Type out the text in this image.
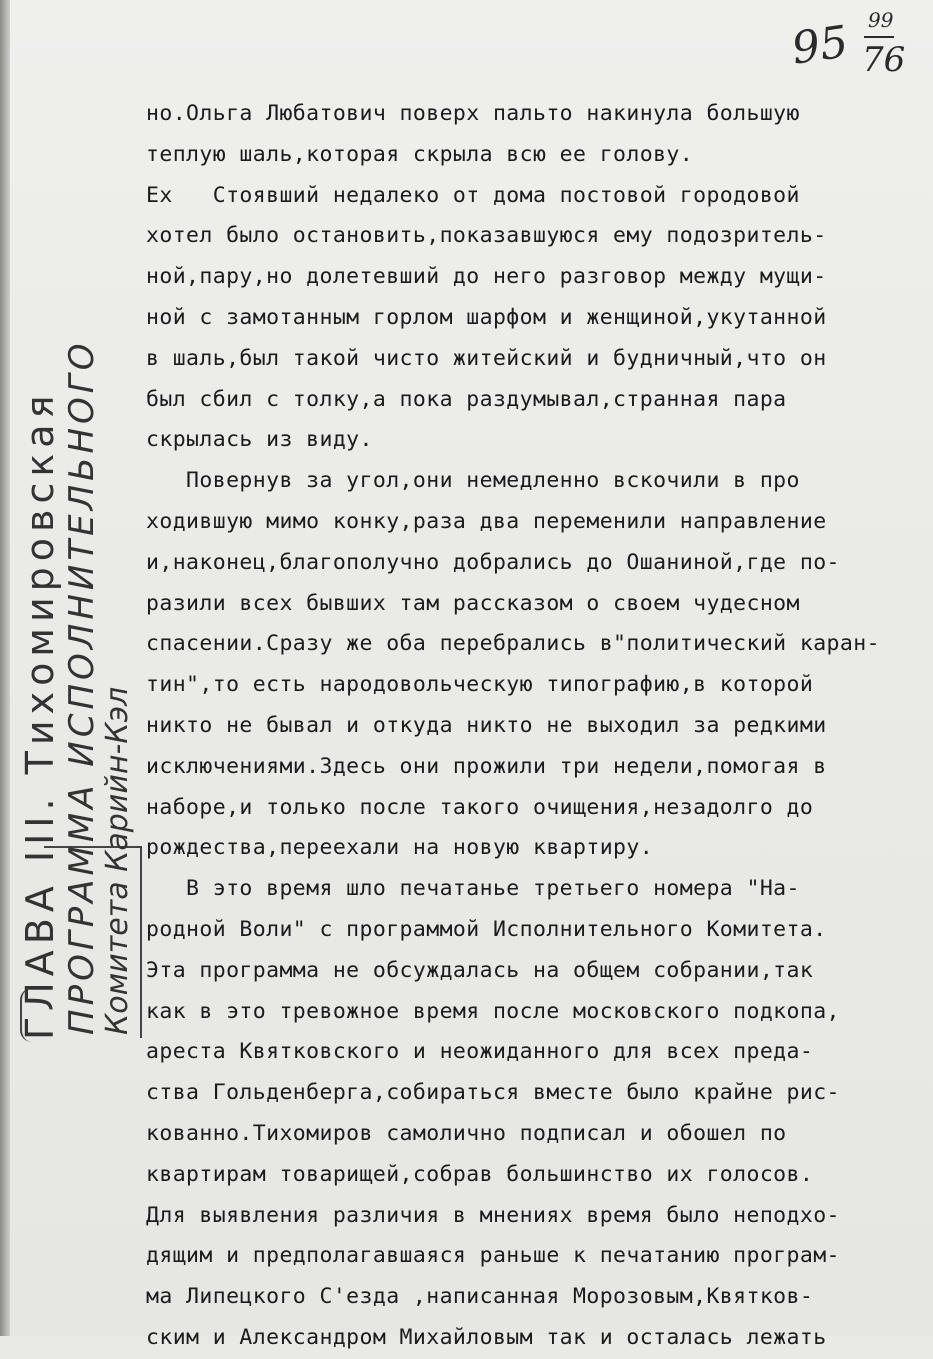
95 99
76
но.Ольга Любатович поверх пальто накинула большую
теплую шаль,которая скрыла всю ее голову.
Ех   Стоявший недалеко от дома постовой городовой
хотел было остановить,показавшуюся ему подозритель-
ной,пару,но долетевший до него разговор между мущи-
ной с замотанным горлом шарфом и женщиной,укутанной
в шаль,был такой чисто житейский и будничный,что он
был сбил с толку,а пока раздумывал,странная пара
скрылась из виду.
Повернув за угол,они немедленно вскочили в про
ходившую мимо конку,раза два переменили направление
и,наконец,благополучно добрались до Ошаниной,где по-
разили всех бывших там рассказом о своем чудесном
спасении.Сразу же оба перебрались в"политический каран-
тин",то есть народовольческую типографию,в которой
никто не бывал и откуда никто не выходил за редкими
исключениями.Здесь они прожили три недели,помогая в
наборе,и только после такого очищения,незадолго до
рождества,переехали на новую квартиру.
В это время шло печатанье третьего номера "На-
родной Воли" с программой Исполнительного Комитета.
Эта программа не обсуждалась на общем собрании,так
как в это тревожное время после московского подкопа,
ареста Квятковского и неожиданного для всех преда-
ства Гольденберга,собираться вместе было крайне рис-
кованно.Тихомиров самолично подписал и обошел по
квартирам товарищей,собрав большинство их голосов.
Для выявления различия в мнениях время было неподхо-
дящим и предполагавшаяся раньше к печатанию програм-
ма Липецкого С'езда ,написанная Морозовым,Квятков-
ским и Александром Михайловым так и осталась лежать
ГЛАВА III. Тихомировская ПРОГРАММА ИСПОЛНИТЕЛЬНОГО
Комитета Карийн-Кэл
